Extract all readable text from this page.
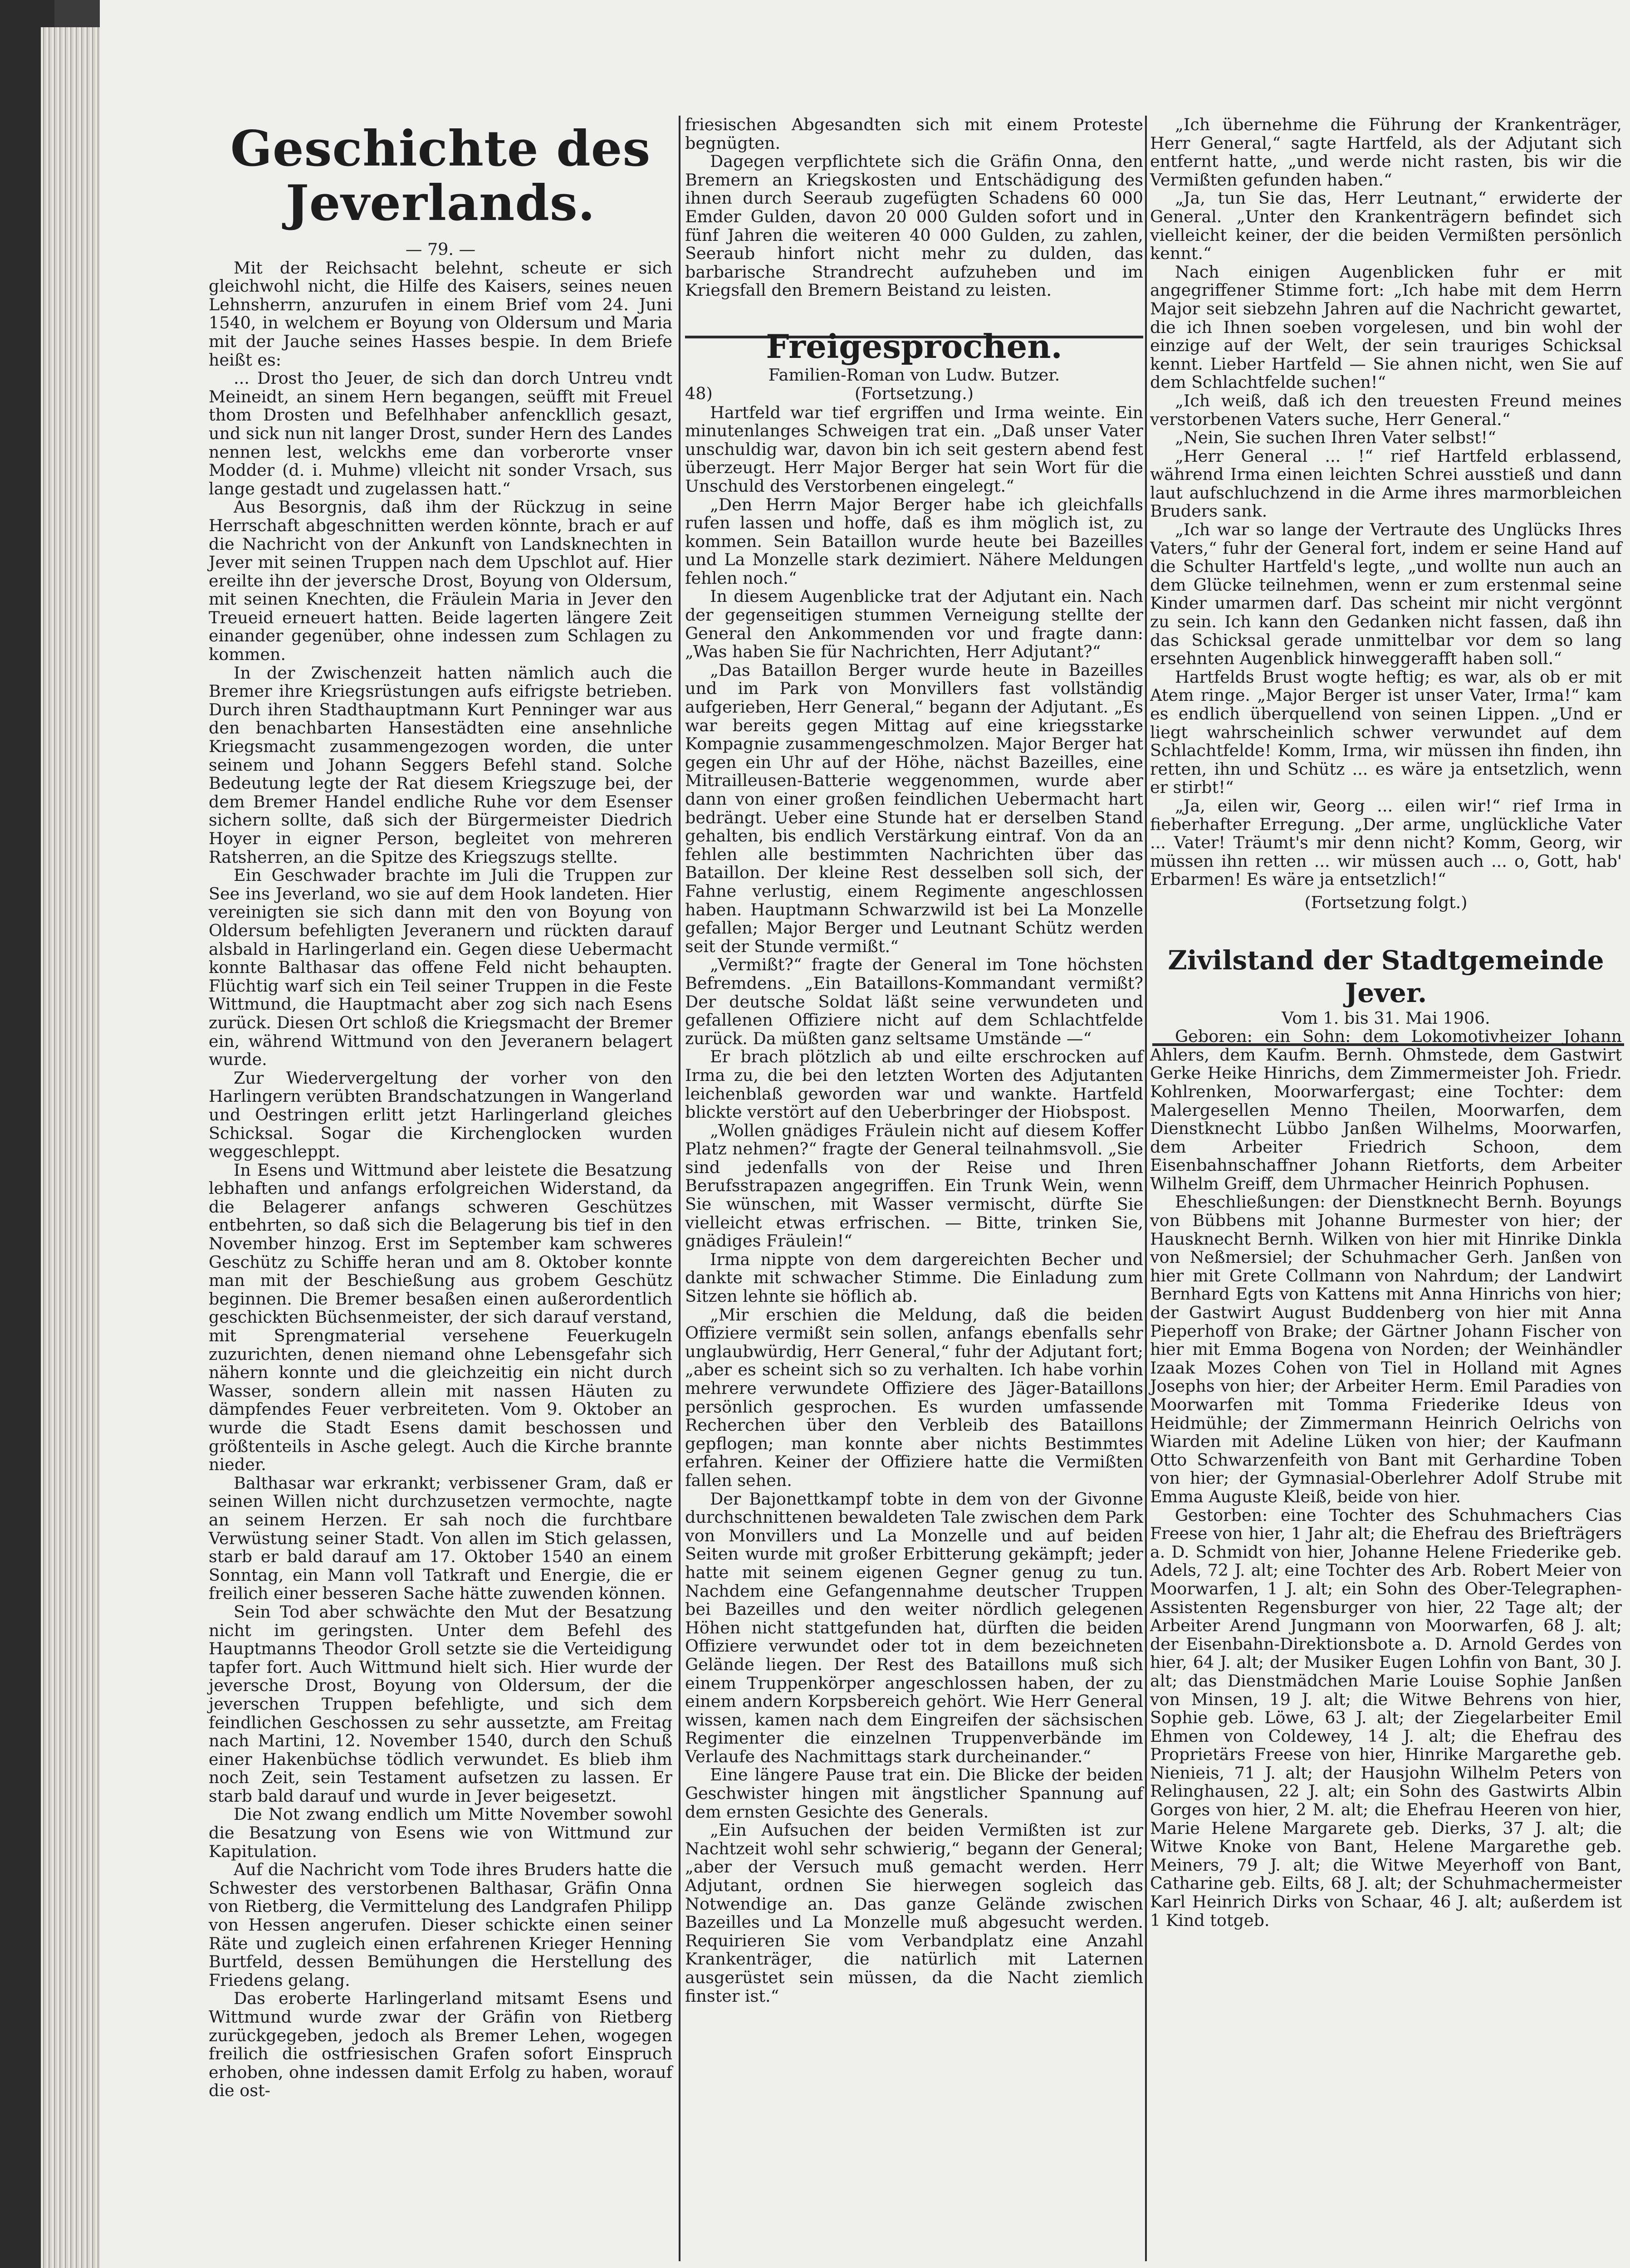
Geschichte des Jeverlands.

— 79. —

Mit der Reichsacht belehnt, scheute er sich gleichwohl nicht, die Hilfe des Kaisers, seines neuen Lehnsherrn, anzurufen in einem Brief vom 24. Juni 1540, in welchem er Boyung von Oldersum und Maria mit der Jauche seines Hasses bespie. In dem Briefe heißt es:

... Drost tho Jeuer, de sich dan dorch Untreu vndt Meineidt, an sinem Hern begangen, seüfft mit Freuel thom Drosten und Befelhhaber anfenckllich gesazt, und sick nun nit langer Drost, sunder Hern des Landes nennen lest, welckhs eme dan vorberorte vnser Modder (d. i. Muhme) vlleicht nit sonder Vrsach, sus lange gestadt und zugelassen hatt.“

Aus Besorgnis, daß ihm der Rückzug in seine Herrschaft abgeschnitten werden könnte, brach er auf die Nachricht von der Ankunft von Landsknechten in Jever mit seinen Truppen nach dem Upschlot auf. Hier ereilte ihn der jeversche Drost, Boyung von Oldersum, mit seinen Knechten, die Fräulein Maria in Jever den Treueid erneuert hatten. Beide lagerten längere Zeit einander gegenüber, ohne indessen zum Schlagen zu kommen.

In der Zwischenzeit hatten nämlich auch die Bremer ihre Kriegsrüstungen aufs eifrigste betrieben. Durch ihren Stadthauptmann Kurt Penninger war aus den benachbarten Hansestädten eine ansehnliche Kriegsmacht zusammengezogen worden, die unter seinem und Johann Seggers Befehl stand. Solche Bedeutung legte der Rat diesem Kriegszuge bei, der dem Bremer Handel endliche Ruhe vor dem Esenser sichern sollte, daß sich der Bürgermeister Diedrich Hoyer in eigner Person, begleitet von mehreren Ratsherren, an die Spitze des Kriegszugs stellte.

Ein Geschwader brachte im Juli die Truppen zur See ins Jeverland, wo sie auf dem Hook landeten. Hier vereinigten sie sich dann mit den von Boyung von Oldersum befehligten Jeveranern und rückten darauf alsbald in Harlingerland ein. Gegen diese Uebermacht konnte Balthasar das offene Feld nicht behaupten. Flüchtig warf sich ein Teil seiner Truppen in die Feste Wittmund, die Hauptmacht aber zog sich nach Esens zurück. Diesen Ort schloß die Kriegsmacht der Bremer ein, während Wittmund von den Jeveranern belagert wurde.

Zur Wiedervergeltung der vorher von den Harlingern verübten Brandschatzungen in Wangerland und Oestringen erlitt jetzt Harlingerland gleiches Schicksal. Sogar die Kirchenglocken wurden weggeschleppt.

In Esens und Wittmund aber leistete die Besatzung lebhaften und anfangs erfolgreichen Widerstand, da die Belagerer anfangs schweren Geschützes entbehrten, so daß sich die Belagerung bis tief in den November hinzog. Erst im September kam schweres Geschütz zu Schiffe heran und am 8. Oktober konnte man mit der Beschießung aus grobem Geschütz beginnen. Die Bremer besaßen einen außerordentlich geschickten Büchsenmeister, der sich darauf verstand, mit Sprengmaterial versehene Feuerkugeln zuzurichten, denen niemand ohne Lebensgefahr sich nähern konnte und die gleichzeitig ein nicht durch Wasser, sondern allein mit nassen Häuten zu dämpfendes Feuer verbreiteten. Vom 9. Oktober an wurde die Stadt Esens damit beschossen und größtenteils in Asche gelegt. Auch die Kirche brannte nieder.

Balthasar war erkrankt; verbissener Gram, daß er seinen Willen nicht durchzusetzen vermochte, nagte an seinem Herzen. Er sah noch die furchtbare Verwüstung seiner Stadt. Von allen im Stich gelassen, starb er bald darauf am 17. Oktober 1540 an einem Sonntag, ein Mann voll Tatkraft und Energie, die er freilich einer besseren Sache hätte zuwenden können.

Sein Tod aber schwächte den Mut der Besatzung nicht im geringsten. Unter dem Befehl des Hauptmanns Theodor Groll setzte sie die Verteidigung tapfer fort. Auch Wittmund hielt sich. Hier wurde der jeversche Drost, Boyung von Oldersum, der die jeverschen Truppen befehligte, und sich dem feindlichen Geschossen zu sehr aussetzte, am Freitag nach Martini, 12. November 1540, durch den Schuß einer Hakenbüchse tödlich verwundet. Es blieb ihm noch Zeit, sein Testament aufsetzen zu lassen. Er starb bald darauf und wurde in Jever beigesetzt.

Die Not zwang endlich um Mitte November sowohl die Besatzung von Esens wie von Wittmund zur Kapitulation.

Auf die Nachricht vom Tode ihres Bruders hatte die Schwester des verstorbenen Balthasar, Gräfin Onna von Rietberg, die Vermittelung des Landgrafen Philipp von Hessen angerufen. Dieser schickte einen seiner Räte und zugleich einen erfahrenen Krieger Henning Burtfeld, dessen Bemühungen die Herstellung des Friedens gelang.

Das eroberte Harlingerland mitsamt Esens und Wittmund wurde zwar der Gräfin von Rietberg zurückgegeben, jedoch als Bremer Lehen, wogegen freilich die ostfriesischen Grafen sofort Einspruch erhoben, ohne indessen damit Erfolg zu haben, worauf die ost-

friesischen Abgesandten sich mit einem Proteste begnügten.

Dagegen verpflichtete sich die Gräfin Onna, den Bremern an Kriegskosten und Entschädigung des ihnen durch Seeraub zugefügten Schadens 60 000 Emder Gulden, davon 20 000 Gulden sofort und in fünf Jahren die weiteren 40 000 Gulden, zu zahlen, Seeraub hinfort nicht mehr zu dulden, das barbarische Strandrecht aufzuheben und im Kriegsfall den Bremern Beistand zu leisten.

Freigesprochen.

Familien-Roman von Ludw. Butzer.

48)	(Fortsetzung.)

Hartfeld war tief ergriffen und Irma weinte. Ein minutenlanges Schweigen trat ein. „Daß unser Vater unschuldig war, davon bin ich seit gestern abend fest überzeugt. Herr Major Berger hat sein Wort für die Unschuld des Verstorbenen eingelegt.“

„Den Herrn Major Berger habe ich gleichfalls rufen lassen und hoffe, daß es ihm möglich ist, zu kommen. Sein Bataillon wurde heute bei Bazeilles und La Monzelle stark dezimiert. Nähere Meldungen fehlen noch.“

In diesem Augenblicke trat der Adjutant ein. Nach der gegenseitigen stummen Verneigung stellte der General den Ankommenden vor und fragte dann: „Was haben Sie für Nachrichten, Herr Adjutant?“

„Das Bataillon Berger wurde heute in Bazeilles und im Park von Monvillers fast vollständig aufgerieben, Herr General,“ begann der Adjutant. „Es war bereits gegen Mittag auf eine kriegsstarke Kompagnie zusammengeschmolzen. Major Berger hat gegen ein Uhr auf der Höhe, nächst Bazeilles, eine Mitrailleusen-Batterie weggenommen, wurde aber dann von einer großen feindlichen Uebermacht hart bedrängt. Ueber eine Stunde hat er derselben Stand gehalten, bis endlich Verstärkung eintraf. Von da an fehlen alle bestimmten Nachrichten über das Bataillon. Der kleine Rest desselben soll sich, der Fahne verlustig, einem Regimente angeschlossen haben. Hauptmann Schwarzwild ist bei La Monzelle gefallen; Major Berger und Leutnant Schütz werden seit der Stunde vermißt.“

„Vermißt?“ fragte der General im Tone höchsten Befremdens. „Ein Bataillons-Kommandant vermißt? Der deutsche Soldat läßt seine verwundeten und gefallenen Offiziere nicht auf dem Schlachtfelde zurück. Da müßten ganz seltsame Umstände —“

Er brach plötzlich ab und eilte erschrocken auf Irma zu, die bei den letzten Worten des Adjutanten leichenblaß geworden war und wankte. Hartfeld blickte verstört auf den Ueberbringer der Hiobspost.

„Wollen gnädiges Fräulein nicht auf diesem Koffer Platz nehmen?“ fragte der General teilnahmsvoll. „Sie sind jedenfalls von der Reise und Ihren Berufsstrapazen angegriffen. Ein Trunk Wein, wenn Sie wünschen, mit Wasser vermischt, dürfte Sie vielleicht etwas erfrischen. — Bitte, trinken Sie, gnädiges Fräulein!“

Irma nippte von dem dargereichten Becher und dankte mit schwacher Stimme. Die Einladung zum Sitzen lehnte sie höflich ab.

„Mir erschien die Meldung, daß die beiden Offiziere vermißt sein sollen, anfangs ebenfalls sehr unglaubwürdig, Herr General,“ fuhr der Adjutant fort; „aber es scheint sich so zu verhalten. Ich habe vorhin mehrere verwundete Offiziere des Jäger-Bataillons persönlich gesprochen. Es wurden umfassende Recherchen über den Verbleib des Bataillons gepflogen; man konnte aber nichts Bestimmtes erfahren. Keiner der Offiziere hatte die Vermißten fallen sehen.

Der Bajonettkampf tobte in dem von der Givonne durchschnittenen bewaldeten Tale zwischen dem Park von Monvillers und La Monzelle und auf beiden Seiten wurde mit großer Erbitterung gekämpft; jeder hatte mit seinem eigenen Gegner genug zu tun. Nachdem eine Gefangennahme deutscher Truppen bei Bazeilles und den weiter nördlich gelegenen Höhen nicht stattgefunden hat, dürften die beiden Offiziere verwundet oder tot in dem bezeichneten Gelände liegen. Der Rest des Bataillons muß sich einem Truppenkörper angeschlossen haben, der zu einem andern Korpsbereich gehört. Wie Herr General wissen, kamen nach dem Eingreifen der sächsischen Regimenter die einzelnen Truppenverbände im Verlaufe des Nachmittags stark durcheinander.“

Eine längere Pause trat ein. Die Blicke der beiden Geschwister hingen mit ängstlicher Spannung auf dem ernsten Gesichte des Generals.

„Ein Aufsuchen der beiden Vermißten ist zur Nachtzeit wohl sehr schwierig,“ begann der General; „aber der Versuch muß gemacht werden. Herr Adjutant, ordnen Sie hierwegen sogleich das Notwendige an. Das ganze Gelände zwischen Bazeilles und La Monzelle muß abgesucht werden. Requirieren Sie vom Verbandplatz eine Anzahl Krankenträger, die natürlich mit Laternen ausgerüstet sein müssen, da die Nacht ziemlich finster ist.“

„Ich übernehme die Führung der Krankenträger, Herr General,“ sagte Hartfeld, als der Adjutant sich entfernt hatte, „und werde nicht rasten, bis wir die Vermißten gefunden haben.“

„Ja, tun Sie das, Herr Leutnant,“ erwiderte der General. „Unter den Krankenträgern befindet sich vielleicht keiner, der die beiden Vermißten persönlich kennt.“

Nach einigen Augenblicken fuhr er mit angegriffener Stimme fort: „Ich habe mit dem Herrn Major seit siebzehn Jahren auf die Nachricht gewartet, die ich Ihnen soeben vorgelesen, und bin wohl der einzige auf der Welt, der sein trauriges Schicksal kennt. Lieber Hartfeld — Sie ahnen nicht, wen Sie auf dem Schlachtfelde suchen!“

„Ich weiß, daß ich den treuesten Freund meines verstorbenen Vaters suche, Herr General.“

„Nein, Sie suchen Ihren Vater selbst!“

„Herr General ... !“ rief Hartfeld erblassend, während Irma einen leichten Schrei ausstieß und dann laut aufschluchzend in die Arme ihres marmorbleichen Bruders sank.

„Ich war so lange der Vertraute des Unglücks Ihres Vaters,“ fuhr der General fort, indem er seine Hand auf die Schulter Hartfeld's legte, „und wollte nun auch an dem Glücke teilnehmen, wenn er zum erstenmal seine Kinder umarmen darf. Das scheint mir nicht vergönnt zu sein. Ich kann den Gedanken nicht fassen, daß ihn das Schicksal gerade unmittelbar vor dem so lang ersehnten Augenblick hinweggerafft haben soll.“

Hartfelds Brust wogte heftig; es war, als ob er mit Atem ringe. „Major Berger ist unser Vater, Irma!“ kam es endlich überquellend von seinen Lippen. „Und er liegt wahrscheinlich schwer verwundet auf dem Schlachtfelde! Komm, Irma, wir müssen ihn finden, ihn retten, ihn und Schütz ... es wäre ja entsetzlich, wenn er stirbt!“

„Ja, eilen wir, Georg ... eilen wir!“ rief Irma in fieberhafter Erregung. „Der arme, unglückliche Vater ... Vater! Träumt's mir denn nicht? Komm, Georg, wir müssen ihn retten ... wir müssen auch ... o, Gott, hab' Erbarmen! Es wäre ja entsetzlich!“

(Fortsetzung folgt.)

Zivilstand der Stadtgemeinde Jever.

Vom 1. bis 31. Mai 1906.

Geboren: ein Sohn: dem Lokomotivheizer Johann Ahlers, dem Kaufm. Bernh. Ohmstede, dem Gastwirt Gerke Heike Hinrichs, dem Zimmermeister Joh. Friedr. Kohlrenken, Moorwarfergast; eine Tochter: dem Malergesellen Menno Theilen, Moorwarfen, dem Dienstknecht Lübbo Janßen Wilhelms, Moorwarfen, dem Arbeiter Friedrich Schoon, dem Eisenbahnschaffner Johann Rietforts, dem Arbeiter Wilhelm Greiff, dem Uhrmacher Heinrich Pophusen.

Eheschließungen: der Dienstknecht Bernh. Boyungs von Bübbens mit Johanne Burmester von hier; der Hausknecht Bernh. Wilken von hier mit Hinrike Dinkla von Neßmersiel; der Schuhmacher Gerh. Janßen von hier mit Grete Collmann von Nahrdum; der Landwirt Bernhard Egts von Kattens mit Anna Hinrichs von hier; der Gastwirt August Buddenberg von hier mit Anna Pieperhoff von Brake; der Gärtner Johann Fischer von hier mit Emma Bogena von Norden; der Weinhändler Izaak Mozes Cohen von Tiel in Holland mit Agnes Josephs von hier; der Arbeiter Herm. Emil Paradies von Moorwarfen mit Tomma Friederike Ideus von Heidmühle; der Zimmermann Heinrich Oelrichs von Wiarden mit Adeline Lüken von hier; der Kaufmann Otto Schwarzenfeith von Bant mit Gerhardine Toben von hier; der Gymnasial-Oberlehrer Adolf Strube mit Emma Auguste Kleiß, beide von hier.

Gestorben: eine Tochter des Schuhmachers Cias Freese von hier, 1 Jahr alt; die Ehefrau des Briefträgers a. D. Schmidt von hier, Johanne Helene Friederike geb. Adels, 72 J. alt; eine Tochter des Arb. Robert Meier von Moorwarfen, 1 J. alt; ein Sohn des Ober-Telegraphen-Assistenten Regensburger von hier, 22 Tage alt; der Arbeiter Arend Jungmann von Moorwarfen, 68 J. alt; der Eisenbahn-Direktionsbote a. D. Arnold Gerdes von hier, 64 J. alt; der Musiker Eugen Lohfin von Bant, 30 J. alt; das Dienstmädchen Marie Louise Sophie Janßen von Minsen, 19 J. alt; die Witwe Behrens von hier, Sophie geb. Löwe, 63 J. alt; der Ziegelarbeiter Emil Ehmen von Coldewey, 14 J. alt; die Ehefrau des Proprietärs Freese von hier, Hinrike Margarethe geb. Nienieis, 71 J. alt; der Hausjohn Wilhelm Peters von Relinghausen, 22 J. alt; ein Sohn des Gastwirts Albin Gorges von hier, 2 M. alt; die Ehefrau Heeren von hier, Marie Helene Margarete geb. Dierks, 37 J. alt; die Witwe Knoke von Bant, Helene Margarethe geb. Meiners, 79 J. alt; die Witwe Meyerhoff von Bant, Catharine geb. Eilts, 68 J. alt; der Schuhmachermeister Karl Heinrich Dirks von Schaar, 46 J. alt; außerdem ist 1 Kind totgeb.
